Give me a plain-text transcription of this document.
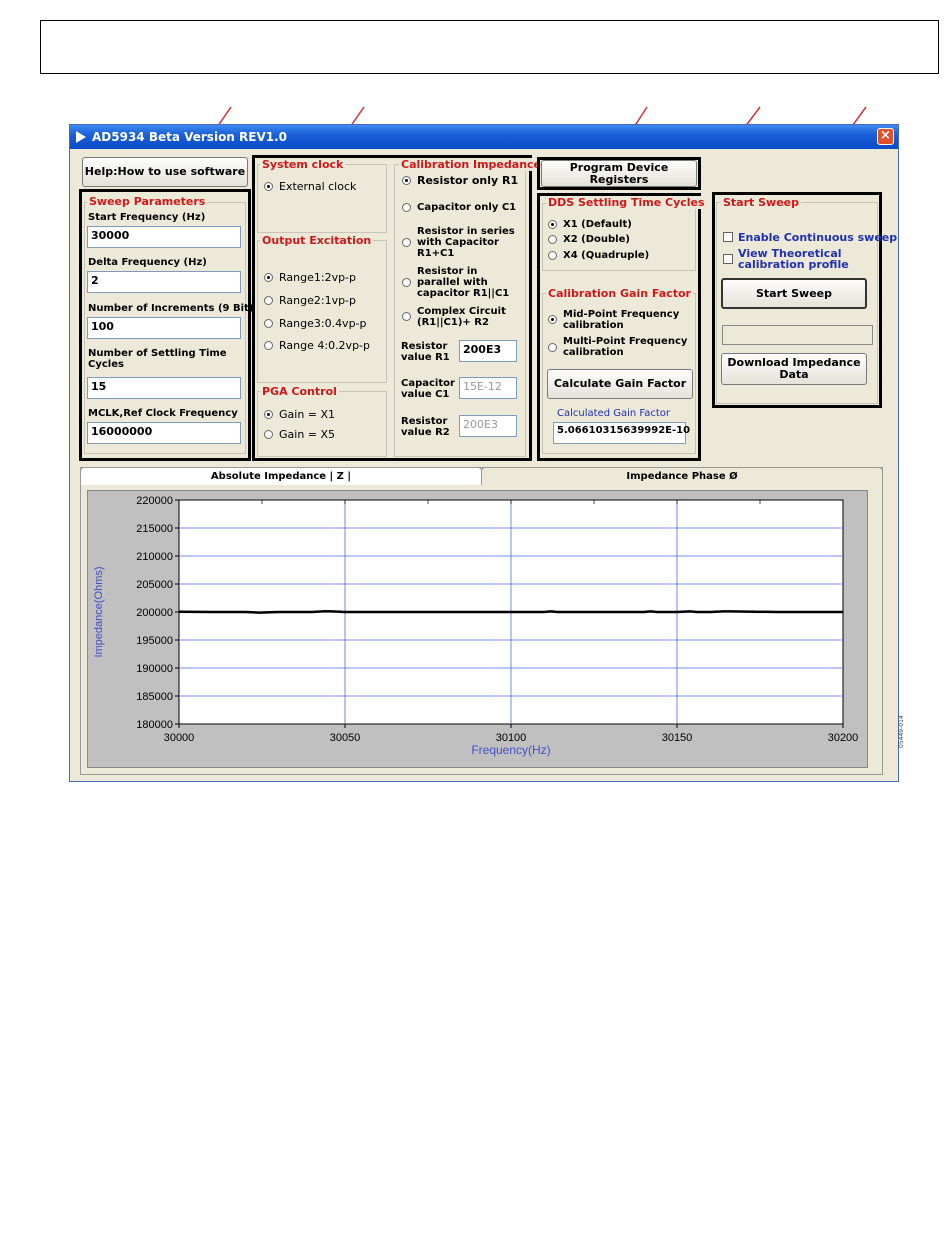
AD5934 Beta Version REV1.0	×
Help:How to use software
Sweep Parameters
Start Frequency (Hz)
30000
Delta Frequency (Hz)
2
Number of Increments (9 Bit)
100
Number of Settling Time Cycles
15
MCLK,Ref Clock Frequency
16000000
System clock
External clock
Output Excitation
Range1:2vp-p
Range2:1vp-p
Range3:0.4vp-p
Range 4:0.2vp-p
PGA Control
Gain = X1
Gain = X5
Calibration Impedance
Resistor only R1
Capacitor only C1
Resistor in series with Capacitor R1+C1
Resistor in parallel with capacitor R1||C1
Complex Circuit (R1||C1)+ R2
Resistor value R1
200E3
Capacitor value C1
15E-12
Resistor value R2
200E3
Program Device Registers
DDS Settling Time Cycles
X1 (Default)
X2 (Double)
X4 (Quadruple)
Calibration Gain Factor
Mid-Point Frequency calibration
Multi-Point Frequency calibration
Calculate Gain Factor
Calculated Gain Factor
5.06610315639992E-10
Start Sweep
Enable Continuous sweep
View Theoretical calibration profile
Start Sweep
Download Impedance Data
Absolute Impedance | Z |	Impedance Phase Ø
220000
215000
210000
205000
200000
195000
190000
185000
180000
30000	30050	30100	30150	30200
Frequency(Hz)
Impedance(Ohms)
05449-014
